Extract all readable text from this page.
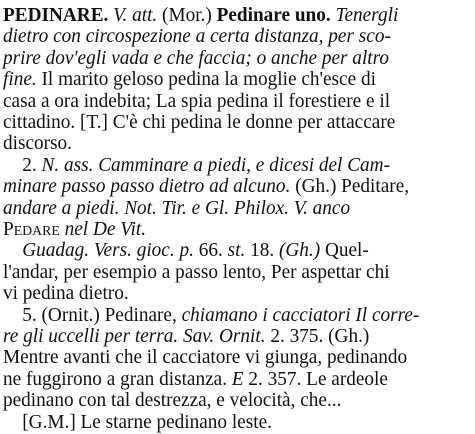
PEDINARE. V. att. (Mor.) Pedinare uno. Tenergli
dietro con circospezione a certa distanza, per sco-
prire dov'egli vada e che faccia; o anche per altro
fine. Il marito geloso pedina la moglie ch'esce di
casa a ora indebita; La spia pedina il forestiere e il
cittadino. [T.] C'è chi pedina le donne per attaccare
discorso.
2. N. ass. Camminare a piedi, e dicesi del Cam-
minare passo passo dietro ad alcuno. (Gh.) Peditare,
andare a piedi. Not. Tir. e Gl. Philox. V. anco
Pedare nel De Vit.
Guadag. Vers. gioc. p. 66. st. 18. (Gh.) Quel-
l'andar, per esempio a passo lento, Per aspettar chi
vi pedina dietro.
5. (Ornit.) Pedinare, chiamano i cacciatori Il corre-
re gli uccelli per terra. Sav. Ornit. 2. 375. (Gh.)
Mentre avanti che il cacciatore vi giunga, pedinando
ne fuggirono a gran distanza. E 2. 357. Le ardeole
pedinano con tal destrezza, e velocità, che...
[G.M.] Le starne pedinano leste.
